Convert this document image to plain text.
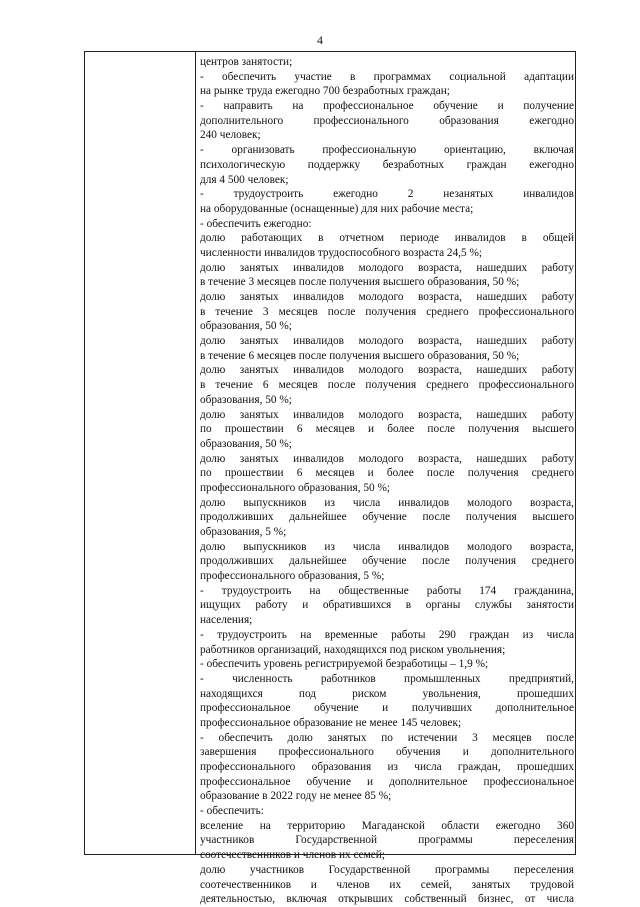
4
центров занятости;
- обеспечить участие в программах социальной адаптации
на рынке труда ежегодно 700 безработных граждан;
- направить на профессиональное обучение и получение
дополнительного профессионального образования ежегодно
240 человек;
- организовать профессиональную ориентацию, включая
психологическую поддержку безработных граждан ежегодно
для 4 500 человек;
- трудоустроить ежегодно 2 незанятых инвалидов
на оборудованные (оснащенные) для них рабочие места;
- обеспечить ежегодно:
долю работающих в отчетном периоде инвалидов в общей
численности инвалидов трудоспособного возраста 24,5 %;
долю занятых инвалидов молодого возраста, нашедших работу
в течение 3 месяцев после получения высшего образования, 50 %;
долю занятых инвалидов молодого возраста, нашедших работу
в течение 3 месяцев после получения среднего профессионального
образования, 50 %;
долю занятых инвалидов молодого возраста, нашедших работу
в течение 6 месяцев после получения высшего образования, 50 %;
долю занятых инвалидов молодого возраста, нашедших работу
в течение 6 месяцев после получения среднего профессионального
образования, 50 %;
долю занятых инвалидов молодого возраста, нашедших работу
по прошествии 6 месяцев и более после получения высшего
образования, 50 %;
долю занятых инвалидов молодого возраста, нашедших работу
по прошествии 6 месяцев и более после получения среднего
профессионального образования, 50 %;
долю выпускников из числа инвалидов молодого возраста,
продолживших дальнейшее обучение после получения высшего
образования, 5 %;
долю выпускников из числа инвалидов молодого возраста,
продолживших дальнейшее обучение после получения среднего
профессионального образования, 5 %;
- трудоустроить на общественные работы 174 гражданина,
ищущих работу и обратившихся в органы службы занятости
населения;
- трудоустроить на временные работы 290 граждан из числа
работников организаций, находящихся под риском увольнения;
- обеспечить уровень регистрируемой безработицы – 1,9 %;
- численность работников промышленных предприятий,
находящихся под риском увольнения, прошедших
профессиональное обучение и получивших дополнительное
профессиональное образование не менее 145 человек;
- обеспечить долю занятых по истечении 3 месяцев после
завершения профессионального обучения и дополнительного
профессионального образования из числа граждан, прошедших
профессиональное обучение и дополнительное профессиональное
образование в 2022 году не менее 85 %;
- обеспечить:
вселение на территорию Магаданской области ежегодно 360
участников Государственной программы переселения
соотечественников и членов их семей;
долю участников Государственной программы переселения
соотечественников и членов их семей, занятых трудовой
деятельностью, включая открывших собственный бизнес, от числа
